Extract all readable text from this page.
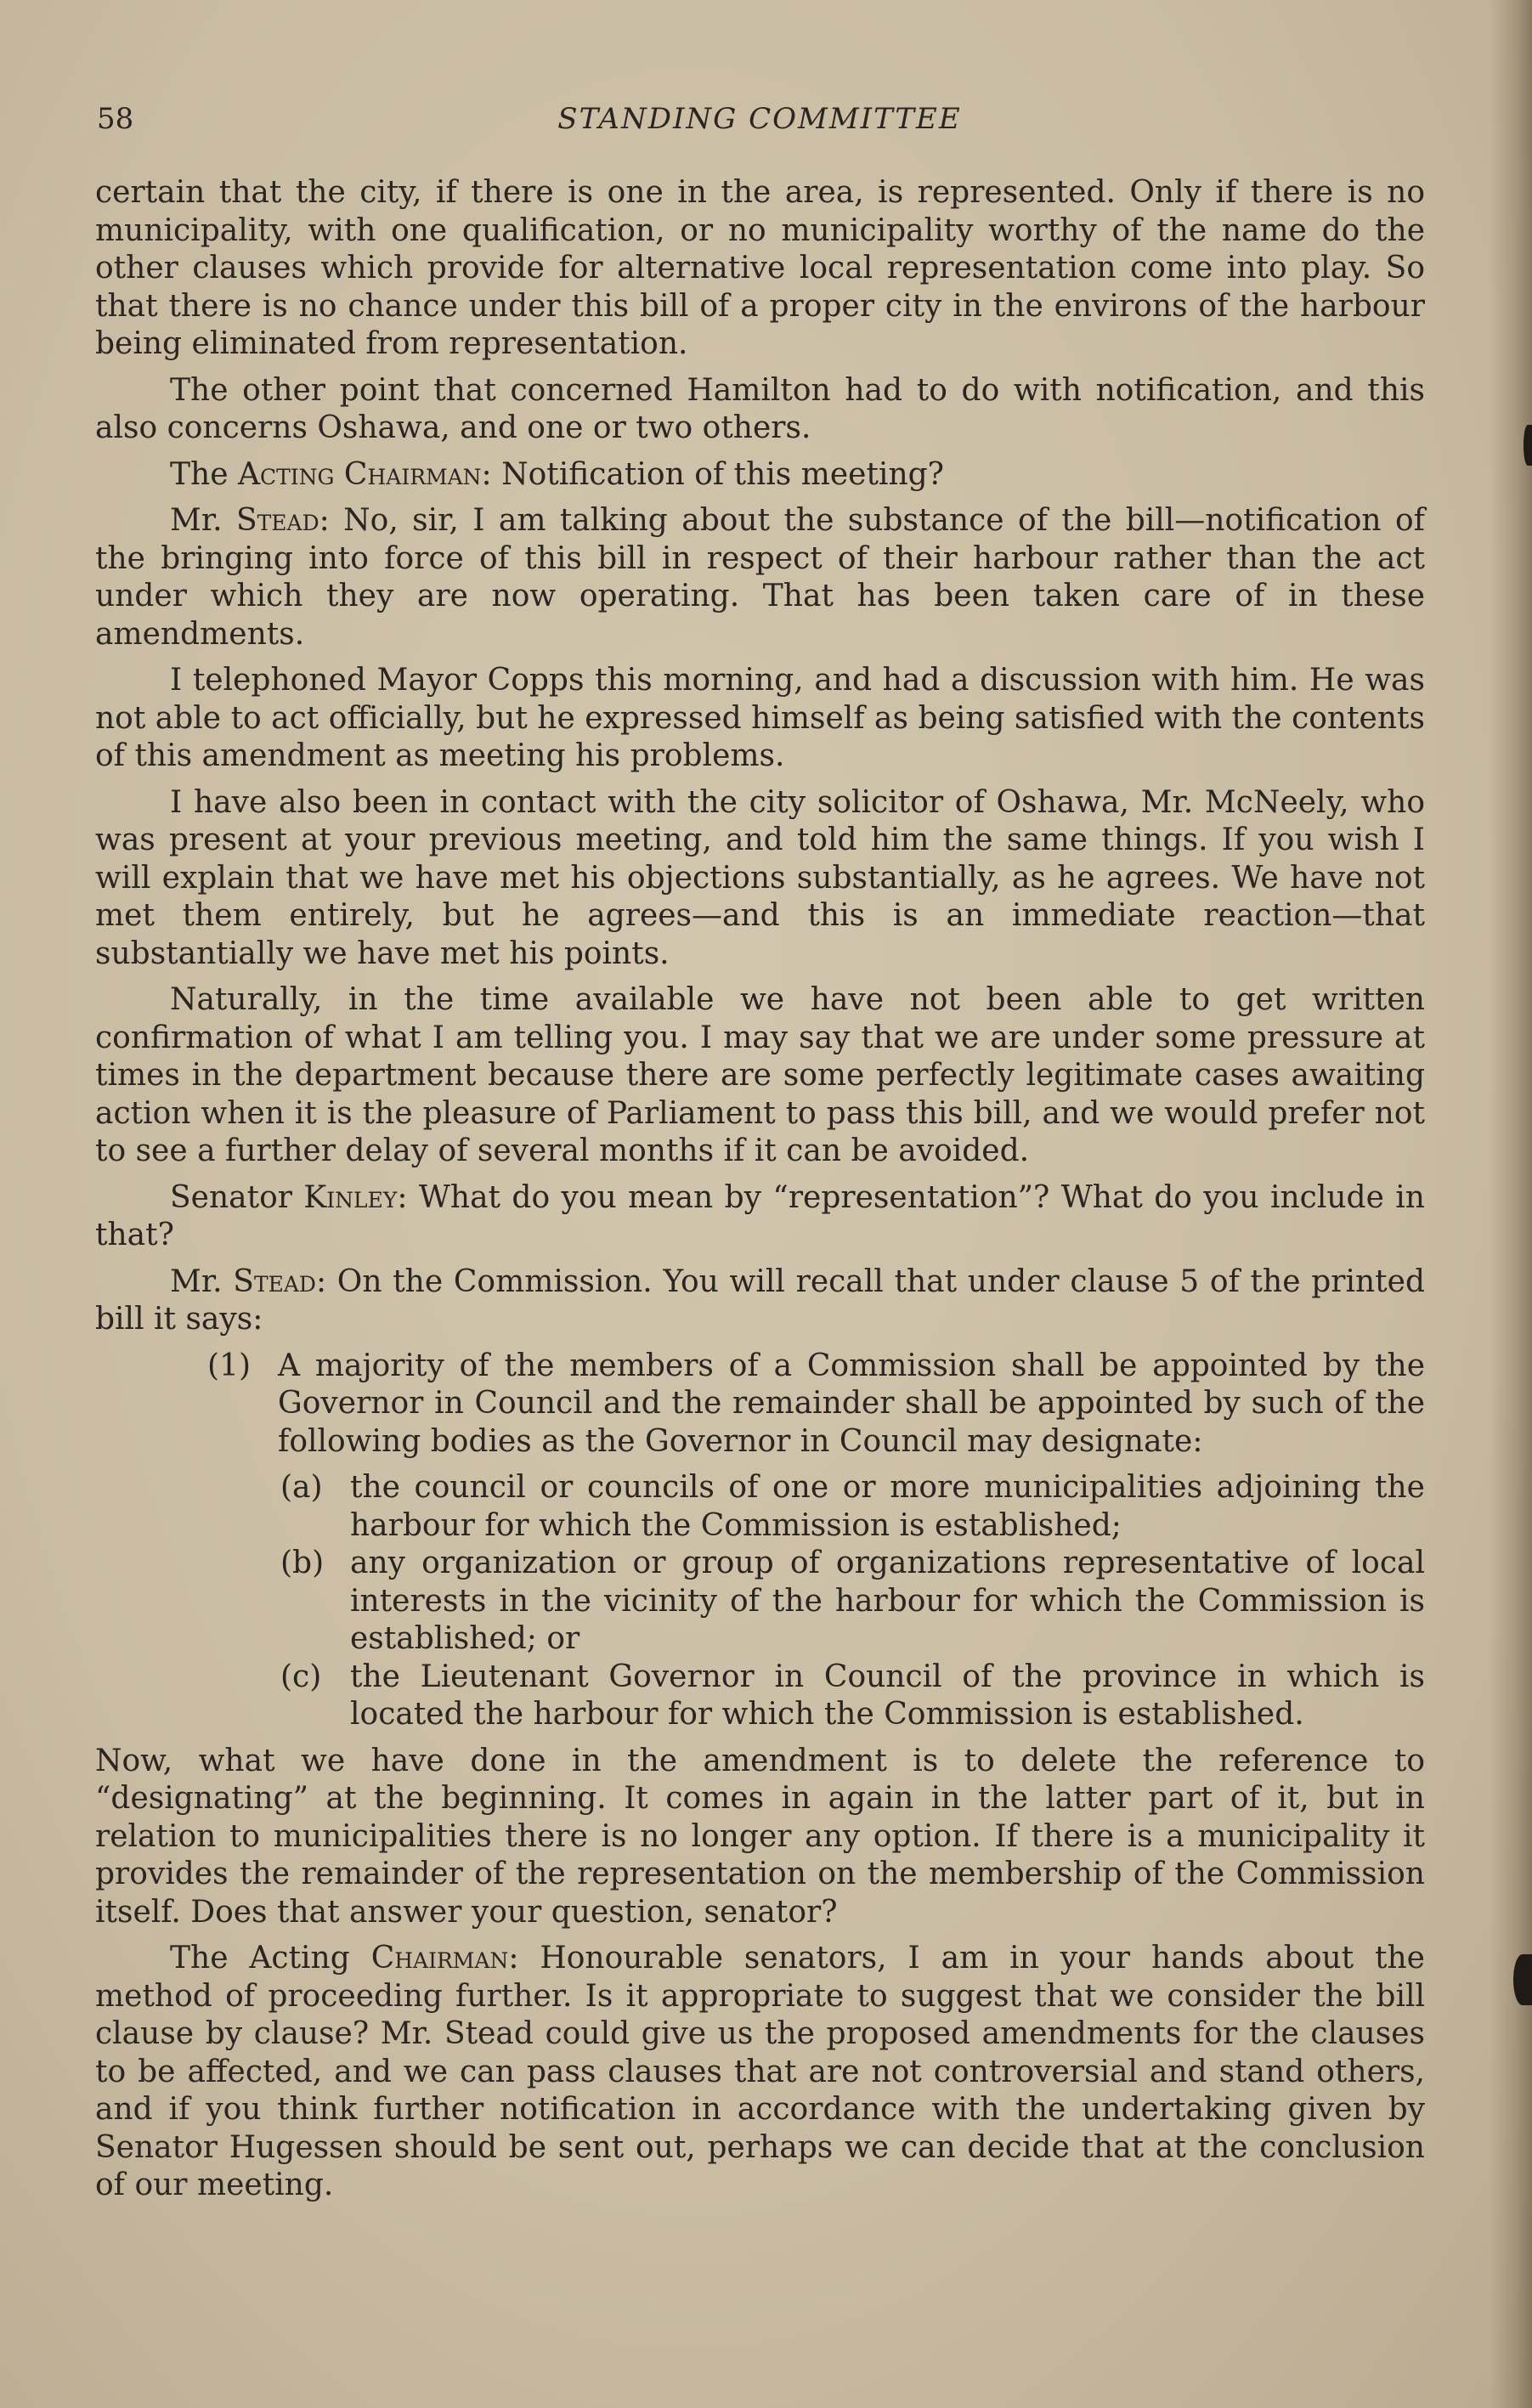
58	STANDING COMMITTEE

certain that the city, if there is one in the area, is represented. Only if there is no municipality, with one qualification, or no municipality worthy of the name do the other clauses which provide for alternative local representation come into play. So that there is no chance under this bill of a proper city in the environs of the harbour being eliminated from representation.

The other point that concerned Hamilton had to do with notification, and this also concerns Oshawa, and one or two others.

The Acting Chairman: Notification of this meeting?

Mr. Stead: No, sir, I am talking about the substance of the bill—notification of the bringing into force of this bill in respect of their harbour rather than the act under which they are now operating. That has been taken care of in these amendments.

I telephoned Mayor Copps this morning, and had a discussion with him. He was not able to act officially, but he expressed himself as being satisfied with the contents of this amendment as meeting his problems.

I have also been in contact with the city solicitor of Oshawa, Mr. McNeely, who was present at your previous meeting, and told him the same things. If you wish I will explain that we have met his objections substantially, as he agrees. We have not met them entirely, but he agrees—and this is an immediate reaction—that substantially we have met his points.

Naturally, in the time available we have not been able to get written confirmation of what I am telling you. I may say that we are under some pressure at times in the department because there are some perfectly legitimate cases awaiting action when it is the pleasure of Parliament to pass this bill, and we would prefer not to see a further delay of several months if it can be avoided.

Senator Kinley: What do you mean by “representation”? What do you include in that?

Mr. Stead: On the Commission. You will recall that under clause 5 of the printed bill it says:

(1) A majority of the members of a Commission shall be appointed by the Governor in Council and the remainder shall be appointed by such of the following bodies as the Governor in Council may designate:
(a) the council or councils of one or more municipalities adjoining the harbour for which the Commission is established;
(b) any organization or group of organizations representative of local interests in the vicinity of the harbour for which the Commission is established; or
(c) the Lieutenant Governor in Council of the province in which is located the harbour for which the Commission is established.

Now, what we have done in the amendment is to delete the reference to “designating” at the beginning. It comes in again in the latter part of it, but in relation to municipalities there is no longer any option. If there is a municipality it provides the remainder of the representation on the membership of the Commission itself. Does that answer your question, senator?

The Acting Chairman: Honourable senators, I am in your hands about the method of proceeding further. Is it appropriate to suggest that we consider the bill clause by clause? Mr. Stead could give us the proposed amendments for the clauses to be affected, and we can pass clauses that are not controversial and stand others, and if you think further notification in accordance with the undertaking given by Senator Hugessen should be sent out, perhaps we can decide that at the conclusion of our meeting.
